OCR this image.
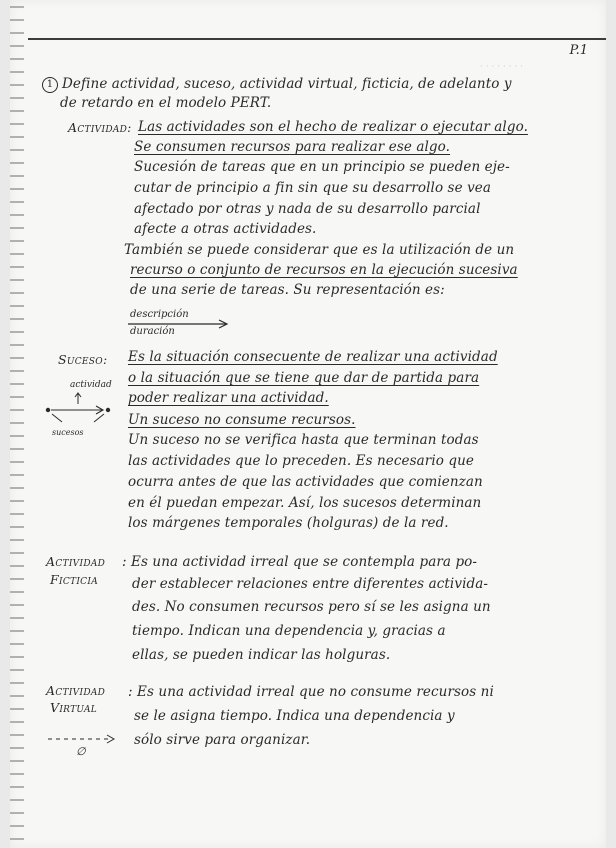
· · · · · · · ·
P.1
1 Define actividad, suceso, actividad virtual, ficticia, de adelanto y
de retardo en el modelo PERT.
Actividad: Las actividades son el hecho de realizar o ejecutar algo.
Se consumen recursos para realizar ese algo.
Sucesión de tareas que en un principio se pueden eje-
cutar de principio a fin sin que su desarrollo se vea
afectado por otras y nada de su desarrollo parcial
afecte a otras actividades.
También se puede considerar que es la utilización de un
recurso o conjunto de recursos en la ejecución sucesiva
de una serie de tareas. Su representación es:
descripción
duración
Suceso: Es la situación consecuente de realizar una actividad
o la situación que se tiene que dar de partida para
poder realizar una actividad.
Un suceso no consume recursos.
Un suceso no se verifica hasta que terminan todas
las actividades que lo preceden. Es necesario que
ocurra antes de que las actividades que comienzan
en él puedan empezar. Así, los sucesos determinan
los márgenes temporales (holguras) de la red.
actividad
sucesos
Actividad
Ficticia
: Es una actividad irreal que se contempla para po-
der establecer relaciones entre diferentes activida-
des. No consumen recursos pero sí se les asigna un
tiempo. Indican una dependencia y, gracias a
ellas, se pueden indicar las holguras.
Actividad
Virtual
: Es una actividad irreal que no consume recursos ni
se le asigna tiempo. Indica una dependencia y
sólo sirve para organizar.
∅
